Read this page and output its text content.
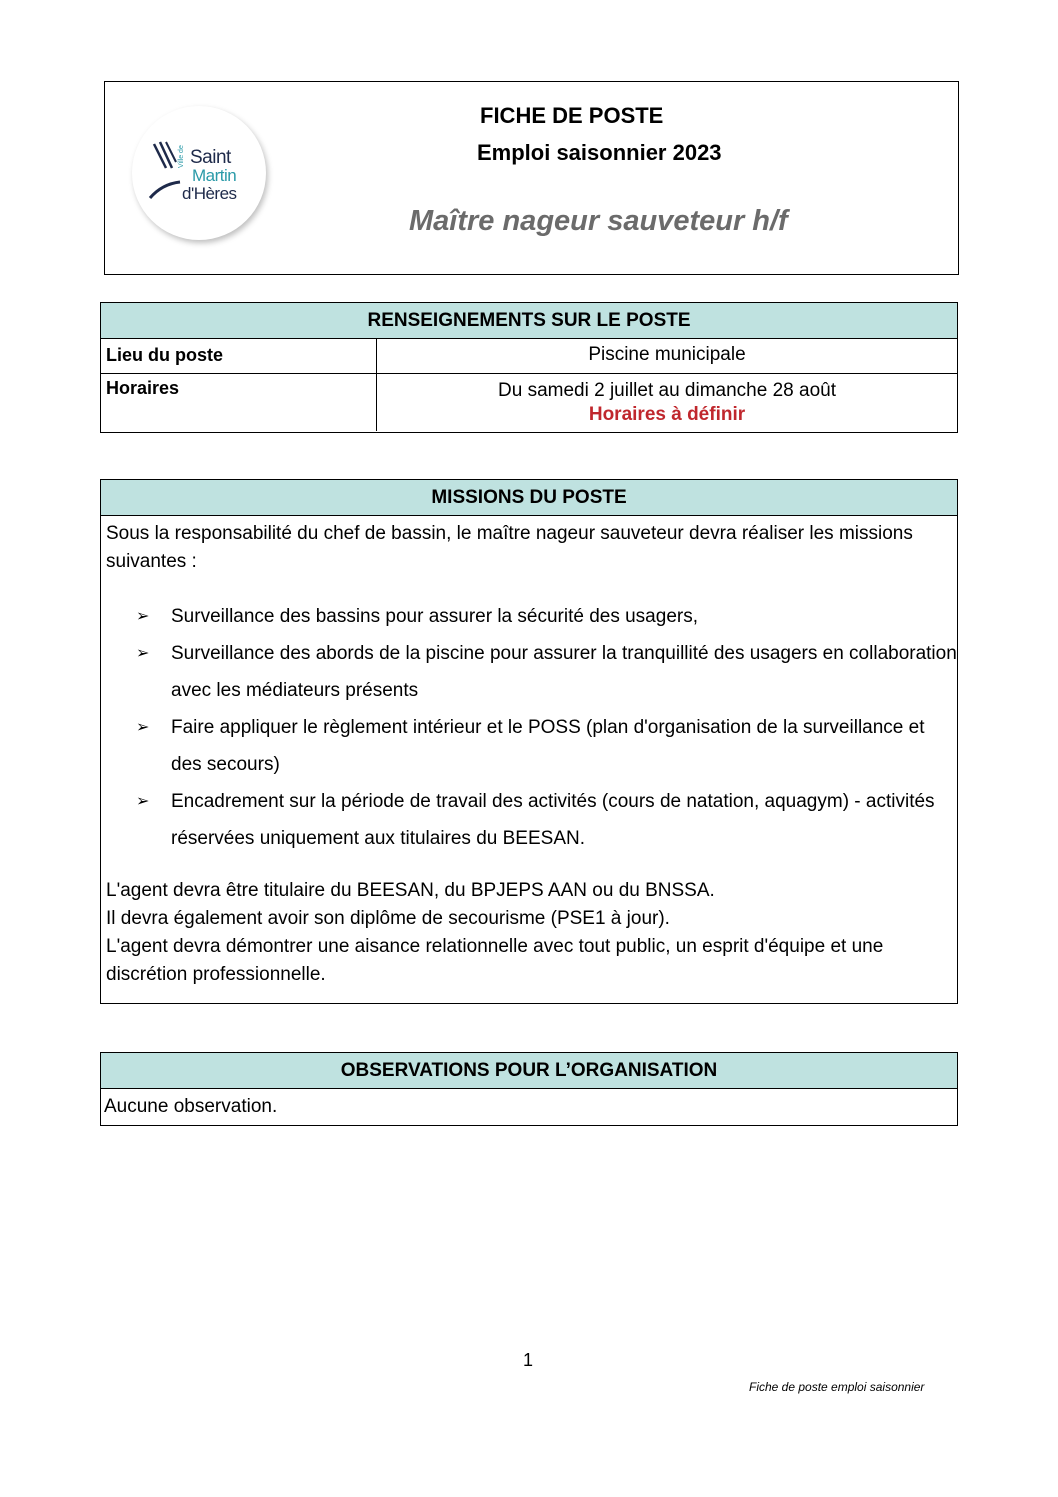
Ville de Saint
Martin
d'Hères
FICHE DE POSTE
Emploi saisonnier 2023
Maître nageur sauveteur h/f
RENSEIGNEMENTS SUR LE POSTE
Lieu du poste	Piscine municipale
Horaires	Du samedi 2 juillet au dimanche 28 août
Horaires à définir
MISSIONS DU POSTE
Sous la responsabilité du chef de bassin, le maître nageur sauveteur devra réaliser les missions suivantes :
➢ Surveillance des bassins pour assurer la sécurité des usagers,
➢ Surveillance des abords de la piscine pour assurer la tranquillité des usagers en collaboration avec les médiateurs présents
➢ Faire appliquer le règlement intérieur et le POSS (plan d'organisation de la surveillance et des secours)
➢ Encadrement sur la période de travail des activités (cours de natation, aquagym) - activités réservées uniquement aux titulaires du BEESAN.
L'agent devra être titulaire du BEESAN, du BPJEPS AAN ou du BNSSA.
Il devra également avoir son diplôme de secourisme (PSE1 à jour).
L'agent devra démontrer une aisance relationnelle avec tout public, un esprit d'équipe et une discrétion professionnelle.
OBSERVATIONS POUR L’ORGANISATION
Aucune observation.
1
Fiche de poste emploi saisonnier
